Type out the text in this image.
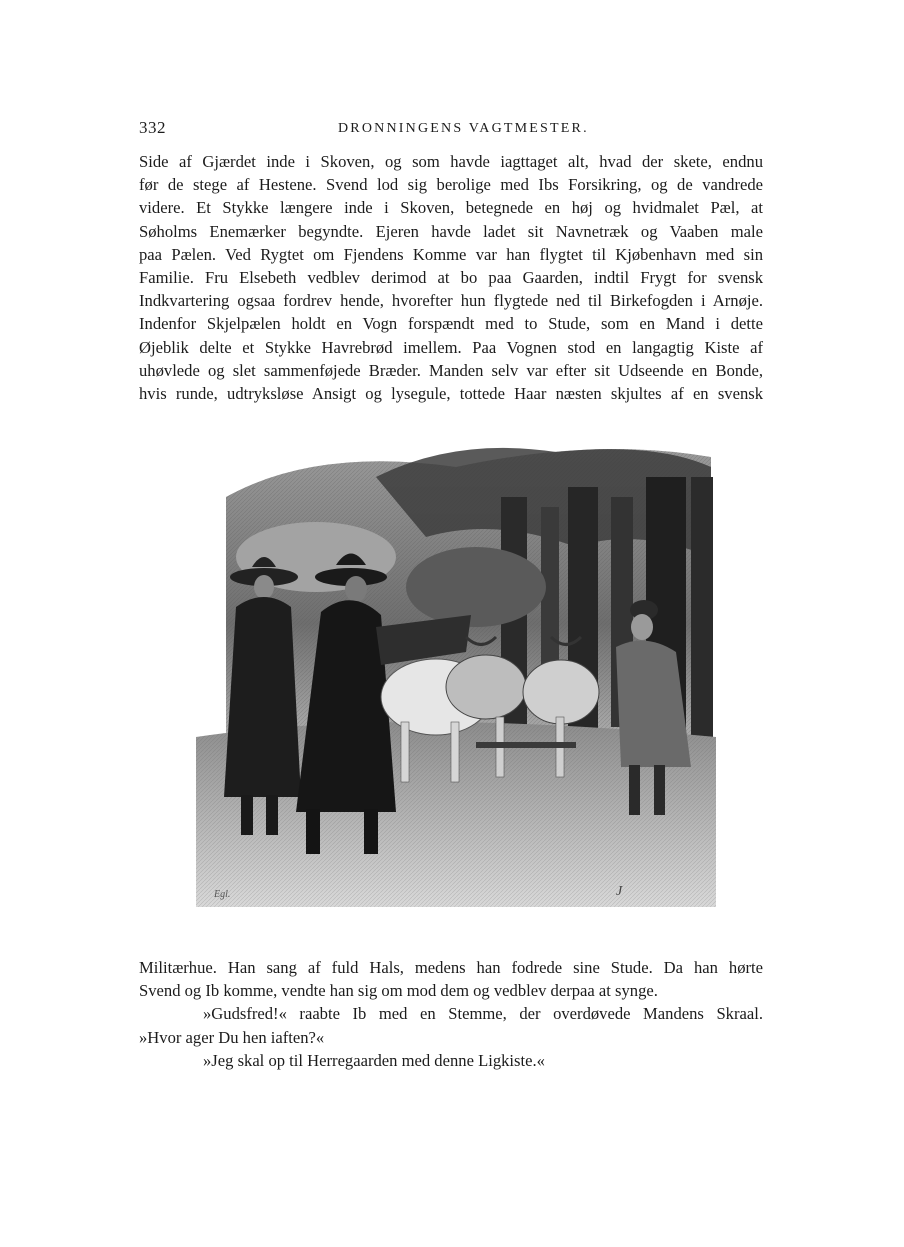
332	DRONNINGENS VAGTMESTER.

Side af Gjærdet inde i Skoven, og som havde iagttaget alt, hvad der skete, endnu

før de stege af Hestene. Svend lod sig berolige med Ibs Forsikring, og de vandrede

videre. Et Stykke længere inde i Skoven, betegnede en høj og hvidmalet Pæl, at

Søholms Enemærker begyndte. Ejeren havde ladet sit Navnetræk og Vaaben male

paa Pælen. Ved Rygtet om Fjendens Komme var han flygtet til Kjøbenhavn med sin

Familie. Fru Elsebeth vedblev derimod at bo paa Gaarden, indtil Frygt for svensk

Indkvartering ogsaa fordrev hende, hvorefter hun flygtede ned til Birkefogden i Arnøje.

Indenfor Skjelpælen holdt en Vogn forspændt med to Stude, som en Mand i dette

Øjeblik delte et Stykke Havrebrød imellem. Paa Vognen stod en langagtig Kiste af

uhøvlede og slet sammenføjede Bræder. Manden selv var efter sit Udseende en Bonde,

hvis runde, udtryksløse Ansigt og lysegule, tottede Haar næsten skjultes af en svensk

Egl.	J

Militærhue. Han sang af fuld Hals, medens han fodrede sine Stude. Da han hørte

Svend og Ib komme, vendte han sig om mod dem og vedblev derpaa at synge.

»Gudsfred!« raabte Ib med en Stemme, der overdøvede Mandens Skraal.

»Hvor ager Du hen iaften?«

»Jeg skal op til Herregaarden med denne Ligkiste.«
